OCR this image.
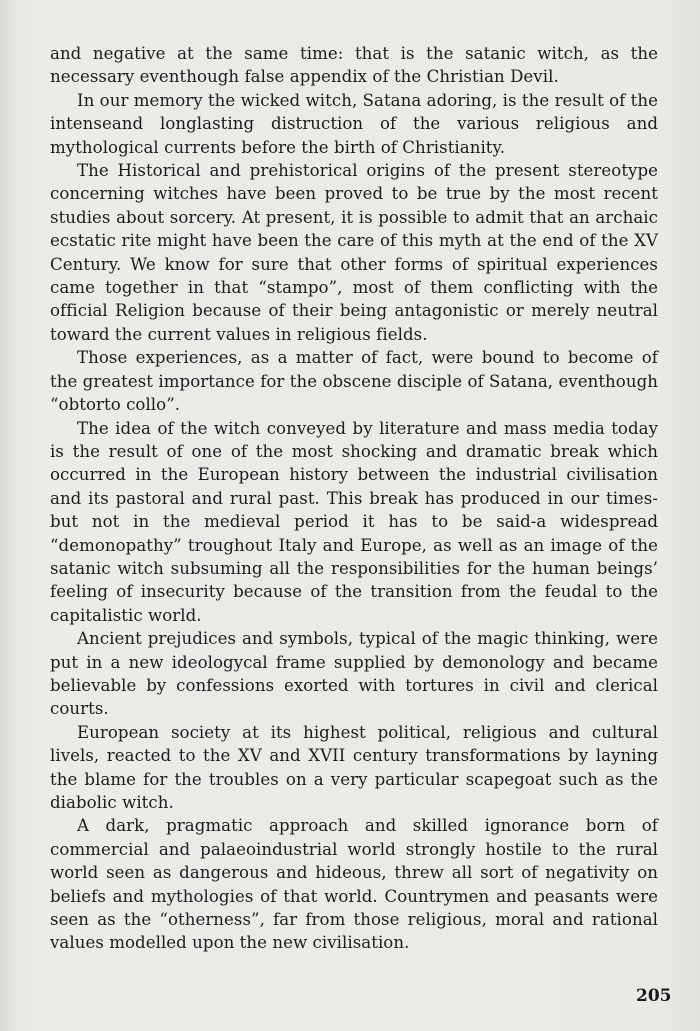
and negative at the same time: that is the satanic witch, as the necessary eventhough false appendix of the Christian Devil.

In our memory the wicked witch, Satana adoring, is the result of the intenseand longlasting distruction of the various religious and mythological currents before the birth of Christianity.

The Historical and prehistorical origins of the present stereotype concerning witches have been proved to be true by the most recent studies about sorcery. At present, it is possible to admit that an archaic ecstatic rite might have been the care of this myth at the end of the XV Century. We know for sure that other forms of spiritual experiences came together in that “stampo”, most of them conflicting with the official Religion because of their being antagonistic or merely neutral toward the current values in religious fields.

Those experiences, as a matter of fact, were bound to become of the greatest importance for the obscene disciple of Satana, eventhough “obtorto collo”.

The idea of the witch conveyed by literature and mass media today is the result of one of the most shocking and dramatic break which occurred in the European history between the industrial civilisation and its pastoral and rural past. This break has produced in our times-but not in the medieval period it has to be said-a widespread “demonopathy” troughout Italy and Europe, as well as an image of the satanic witch subsuming all the responsibilities for the human beings’ feeling of insecurity because of the transition from the feudal to the capitalistic world.

Ancient prejudices and symbols, typical of the magic thinking, were put in a new ideologycal frame supplied by demonology and became believable by confessions exorted with tortures in civil and clerical courts.

European society at its highest political, religious and cultural livels, reacted to the XV and XVII century transformations by layning the blame for the troubles on a very particular scapegoat such as the diabolic witch.

A dark, pragmatic approach and skilled ignorance born of commercial and palaeoindustrial world strongly hostile to the rural world seen as dangerous and hideous, threw all sort of negativity on beliefs and mythologies of that world. Countrymen and peasants were seen as the “otherness”, far from those religious, moral and rational values modelled upon the new civilisation.

205
